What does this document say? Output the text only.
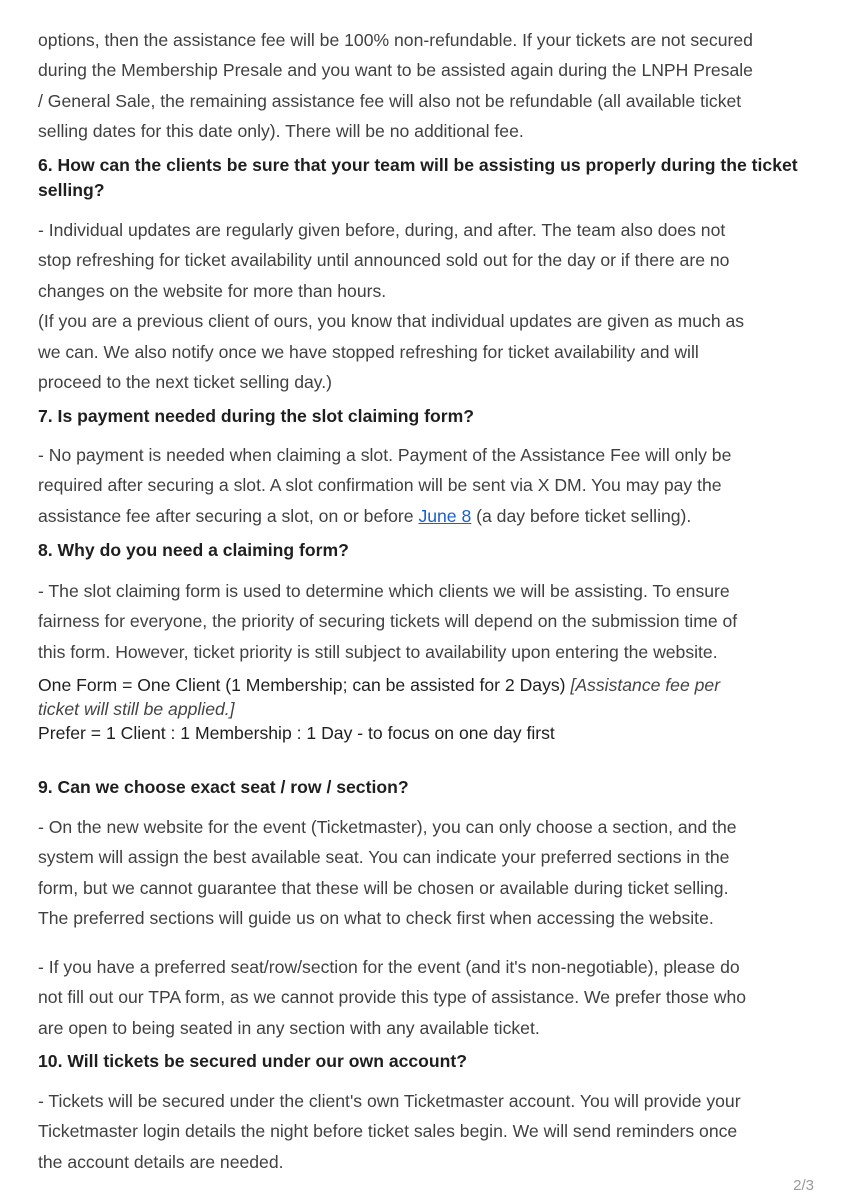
options, then the assistance fee will be 100% non-refundable. If your tickets are not secured
during the Membership Presale and you want to be assisted again during the LNPH Presale
/ General Sale, the remaining assistance fee will also not be refundable (all available ticket
selling dates for this date only). There will be no additional fee.
6. How can the clients be sure that your team will be assisting us properly during the ticket
selling?
- Individual updates are regularly given before, during, and after. The team also does not
stop refreshing for ticket availability until announced sold out for the day or if there are no
changes on the website for more than hours.
(If you are a previous client of ours, you know that individual updates are given as much as
we can. We also notify once we have stopped refreshing for ticket availability and will
proceed to the next ticket selling day.)
7. Is payment needed during the slot claiming form?
- No payment is needed when claiming a slot. Payment of the Assistance Fee will only be
required after securing a slot. A slot confirmation will be sent via X DM. You may pay the
assistance fee after securing a slot, on or before June 8 (a day before ticket selling).
8. Why do you need a claiming form?
- The slot claiming form is used to determine which clients we will be assisting. To ensure
fairness for everyone, the priority of securing tickets will depend on the submission time of
this form. However, ticket priority is still subject to availability upon entering the website.
One Form = One Client (1 Membership; can be assisted for 2 Days) [Assistance fee per
ticket will still be applied.]
Prefer = 1 Client : 1 Membership : 1 Day - to focus on one day first
9. Can we choose exact seat / row / section?
- On the new website for the event (Ticketmaster), you can only choose a section, and the
system will assign the best available seat. You can indicate your preferred sections in the
form, but we cannot guarantee that these will be chosen or available during ticket selling.
The preferred sections will guide us on what to check first when accessing the website.
- If you have a preferred seat/row/section for the event (and it's non-negotiable), please do
not fill out our TPA form, as we cannot provide this type of assistance. We prefer those who
are open to being seated in any section with any available ticket.
10. Will tickets be secured under our own account?
- Tickets will be secured under the client's own Ticketmaster account. You will provide your
Ticketmaster login details the night before ticket sales begin. We will send reminders once
the account details are needed.
2/3
